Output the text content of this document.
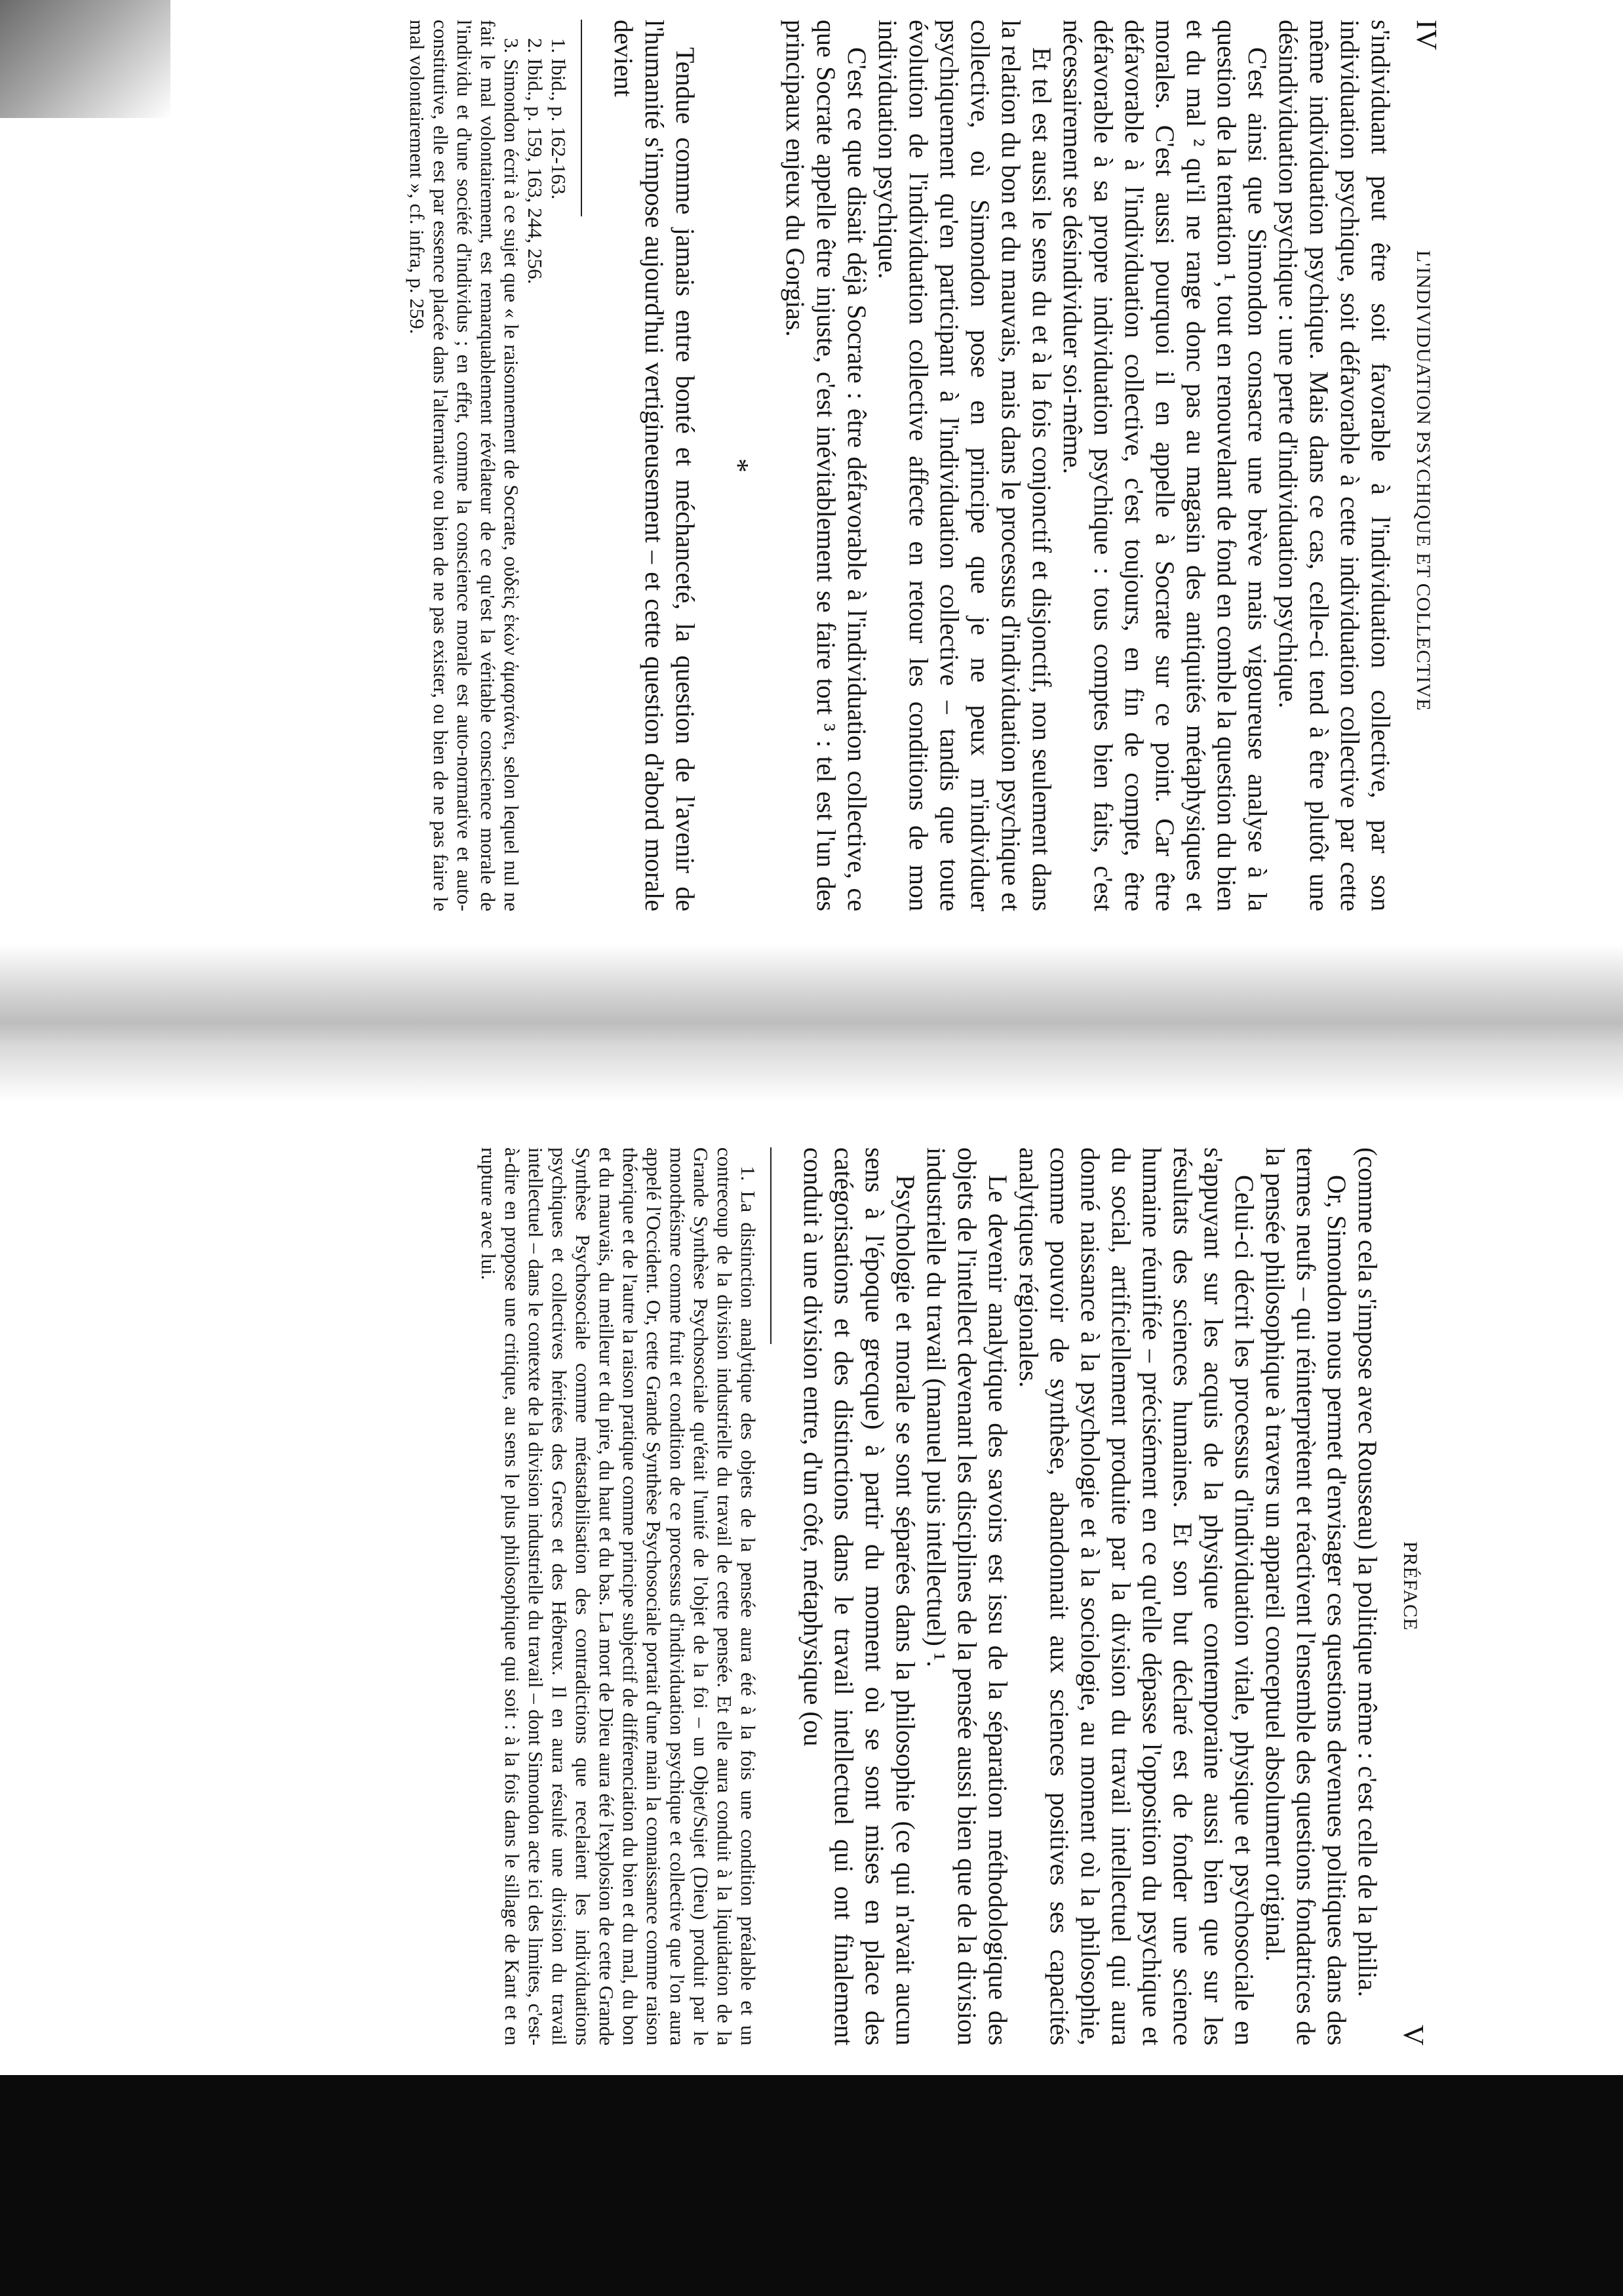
IV
L'INDIVIDUATION PSYCHIQUE ET COLLECTIVE

s'individuant peut être soit favorable à l'individuation collective, par son individuation psychique, soit défavorable à cette individuation collective par cette même individuation psychique. Mais dans ce cas, celle-ci tend à être plutôt une désindividuation psychique : une perte d'individuation psychique.

C'est ainsi que Simondon consacre une brève mais vigoureuse analyse à la question de la tentation ¹, tout en renouvelant de fond en comble la question du bien et du mal ² qu'il ne range donc pas au magasin des antiquités métaphysiques et morales. C'est aussi pourquoi il en appelle à Socrate sur ce point. Car être défavorable à l'individuation collective, c'est toujours, en fin de compte, être défavorable à sa propre individuation psychique : tous comptes bien faits, c'est nécessairement se désindividuer soi-même.

Et tel est aussi le sens du et à la fois conjonctif et disjonctif, non seulement dans la relation du bon et du mauvais, mais dans le processus d'individuation psychique et collective, où Simondon pose en principe que je ne peux m'individuer psychiquement qu'en participant à l'individuation collective – tandis que toute évolution de l'individuation collective affecte en retour les conditions de mon individuation psychique.

C'est ce que disait déjà Socrate : être défavorable à l'individuation collective, ce que Socrate appelle être injuste, c'est inévitablement se faire tort ³ : tel est l'un des principaux enjeux du Gorgias.

*

Tendue comme jamais entre bonté et méchanceté, la question de l'avenir de l'humanité s'impose aujourd'hui vertigineusement – et cette question d'abord morale devient

1. Ibid., p. 162-163.

2. Ibid., p. 159, 163, 244, 256.

3. Simondon écrit à ce sujet que « le raisonnement de Socrate, οὐδεὶς ἑκὼν ἁμαρτάνει, selon lequel nul ne fait le mal volontairement, est remarquablement révélateur de ce qu'est la véritable conscience morale de l'individu et d'une société d'individus ; en effet, comme la conscience morale est auto-normative et auto-constitutive, elle est par essence placée dans l'alternative ou bien de ne pas exister, ou bien de ne pas faire le mal volontairement », cf. infra, p. 259.

PRÉFACE
V

(comme cela s'impose avec Rousseau) la politique même : c'est celle de la philia.

Or, Simondon nous permet d'envisager ces questions devenues politiques dans des termes neufs – qui réinterprètent et réactivent l'ensemble des questions fondatrices de la pensée philosophique à travers un appareil conceptuel absolument original.

Celui-ci décrit les processus d'individuation vitale, physique et psychosociale en s'appuyant sur les acquis de la physique contemporaine aussi bien que sur les résultats des sciences humaines. Et son but déclaré est de fonder une science humaine réunifiée – précisément en ce qu'elle dépasse l'opposition du psychique et du social, artificiellement produite par la division du travail intellectuel qui aura donné naissance à la psychologie et à la sociologie, au moment où la philosophie, comme pouvoir de synthèse, abandonnait aux sciences positives ses capacités analytiques régionales.

Le devenir analytique des savoirs est issu de la séparation méthodologique des objets de l'intellect devenant les disciplines de la pensée aussi bien que de la division industrielle du travail (manuel puis intellectuel) ¹.

Psychologie et morale se sont séparées dans la philosophie (ce qui n'avait aucun sens à l'époque grecque) à partir du moment où se sont mises en place des catégorisations et des distinctions dans le travail intellectuel qui ont finalement conduit à une division entre, d'un côté, métaphysique (ou

1. La distinction analytique des objets de la pensée aura été à la fois une condition préalable et un contrecoup de la division industrielle du travail de cette pensée. Et elle aura conduit à la liquidation de la Grande Synthèse Psychosociale qu'était l'unité de l'objet de la foi – un Objet/Sujet (Dieu) produit par le monothéisme comme fruit et condition de ce processus d'individuation psychique et collective que l'on aura appelé l'Occident. Or, cette Grande Synthèse Psychosociale portait d'une main la connaissance comme raison théorique et de l'autre la raison pratique comme principe subjectif de différenciation du bien et du mal, du bon et du mauvais, du meilleur et du pire, du haut et du bas. La mort de Dieu aura été l'explosion de cette Grande Synthèse Psychosociale comme métastabilisation des contradictions que recelaient les individuations psychiques et collectives héritées des Grecs et des Hébreux. Il en aura résulté une division du travail intellectuel – dans le contexte de la division industrielle du travail – dont Simondon acte ici des limites, c'est-à-dire en propose une critique, au sens le plus philosophique qui soit : à la fois dans le sillage de Kant et en rupture avec lui.
